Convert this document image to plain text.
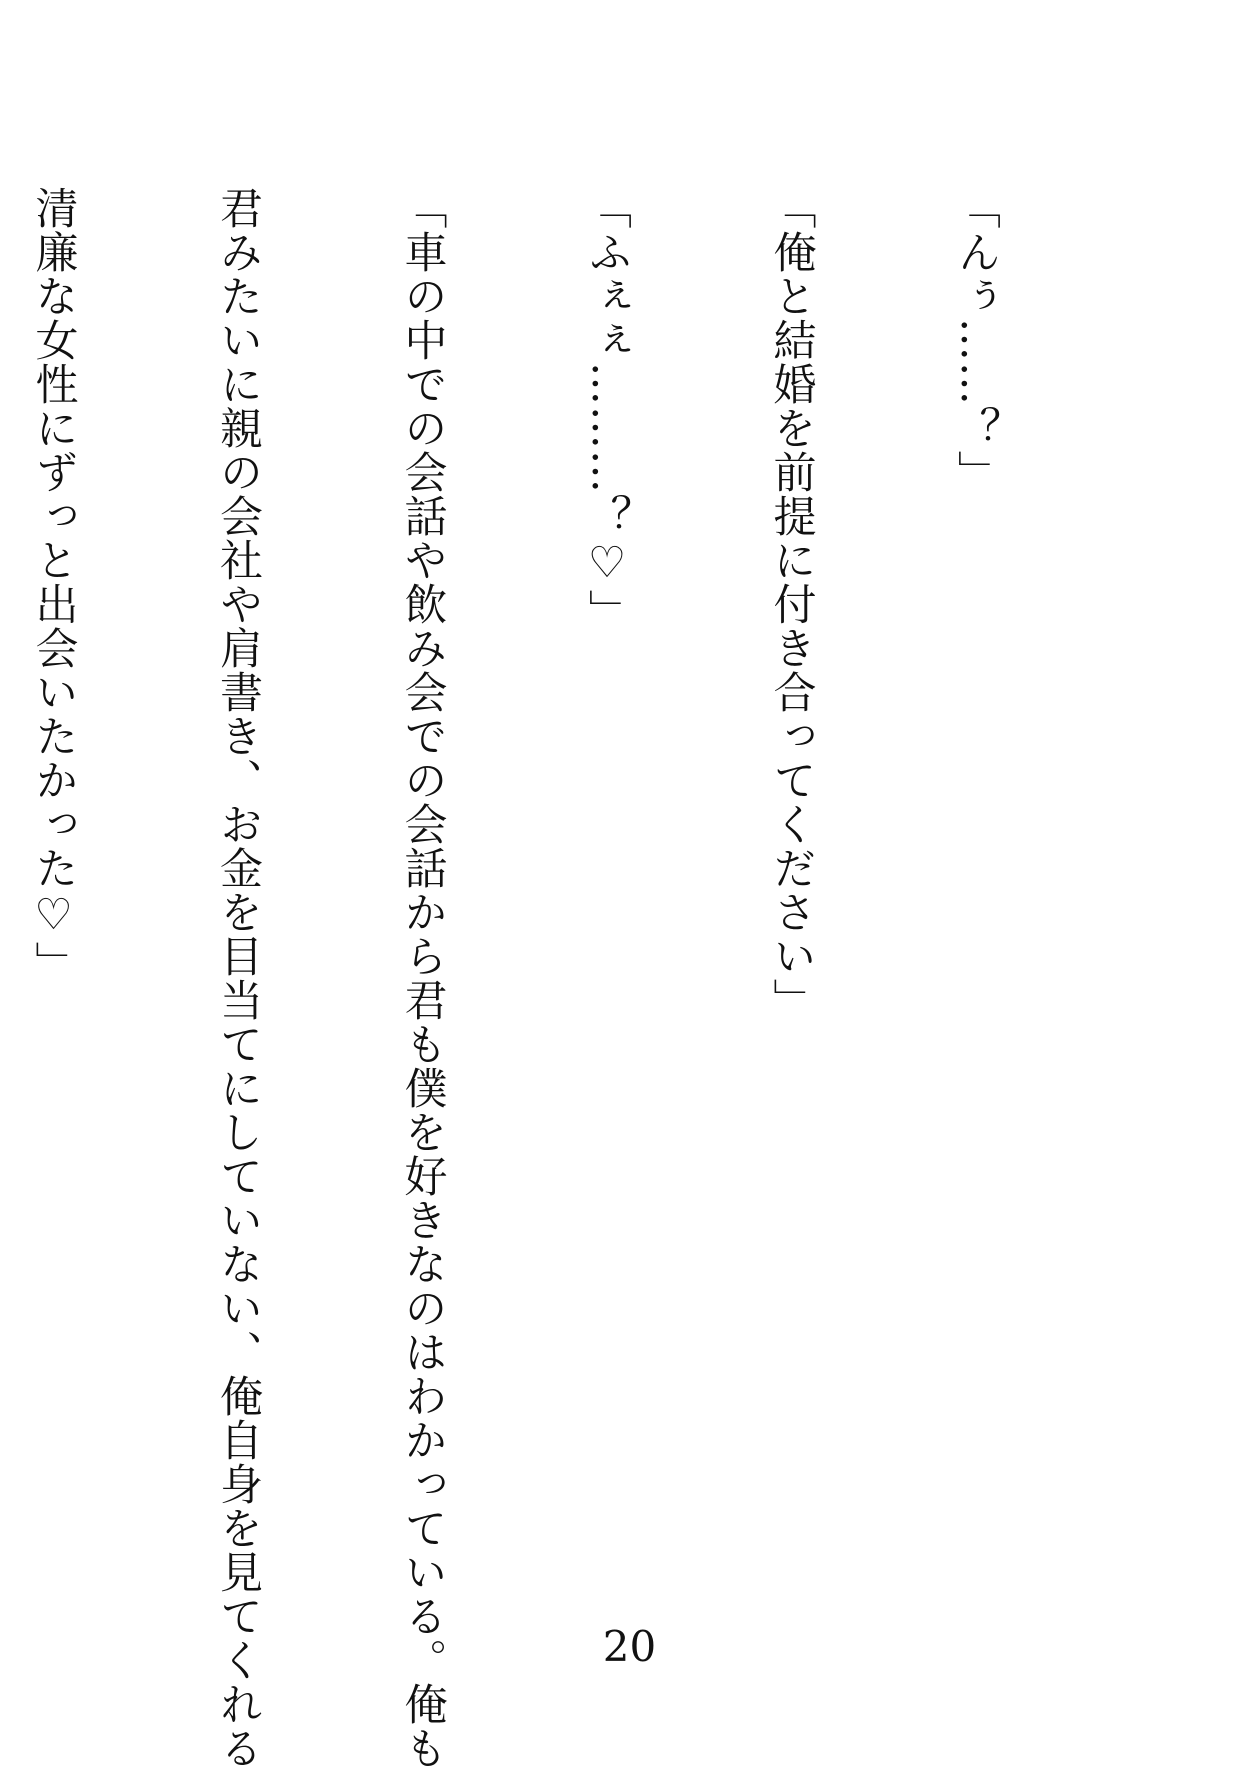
「んぅ……？」

「俺と結婚を前提に付き合ってください」

「ふぇぇ………？♡」

「車の中での会話や飲み会での会話から君も僕を好きなのはわかっている。俺も

君みたいに親の会社や肩書き、お金を目当てにしていない、俺自身を見てくれる

清廉な女性にずっと出会いたかった♡」

20
